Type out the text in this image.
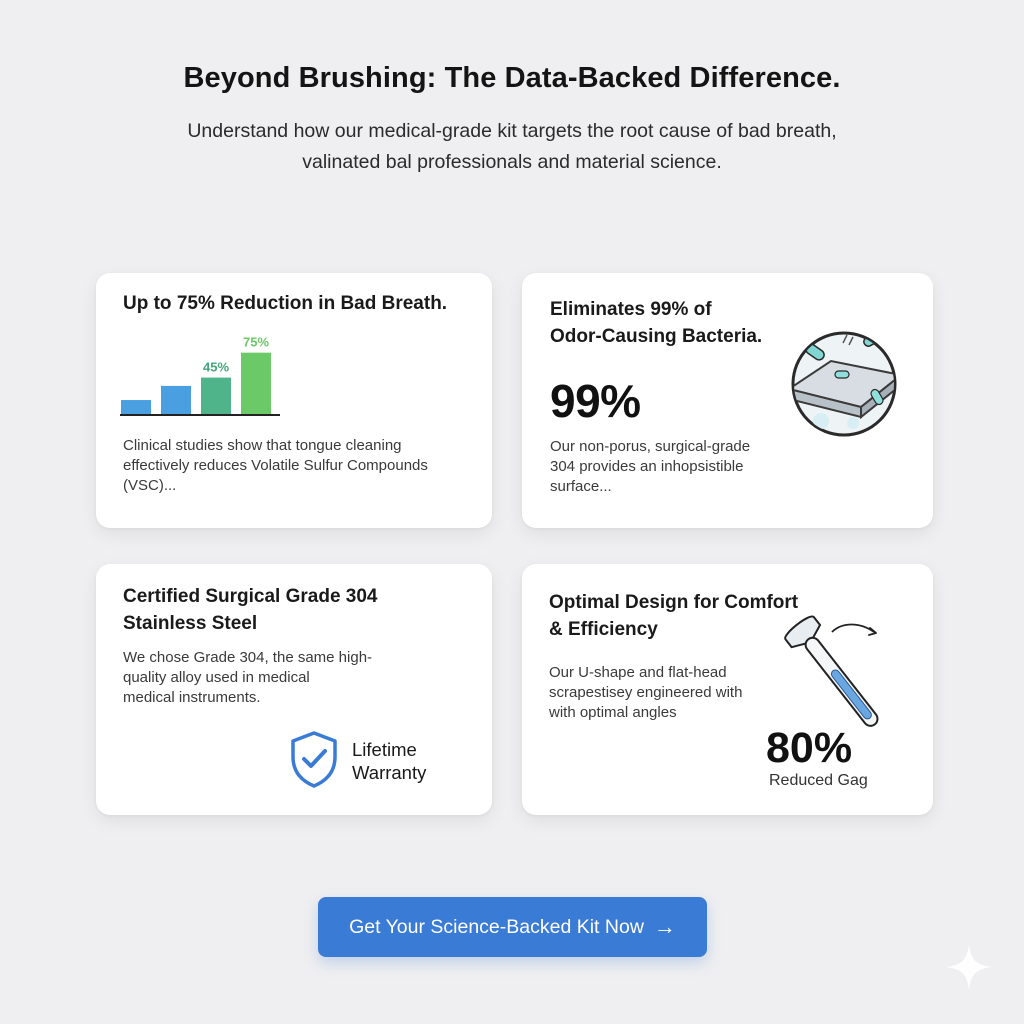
Beyond Brushing: The Data-Backed Difference.
Understand how our medical-grade kit targets the root cause of bad breath,
valinated bal professionals and material science.
Up to 75% Reduction in Bad Breath.
45%
75%
Clinical studies show that tongue cleaning
effectively reduces Volatile Sulfur Compounds
(VSC)...
Eliminates 99% of
Odor-Causing Bacteria.
99%
Our non-porus, surgical-grade
304 provides an inhopsistible
surface...
Certified Surgical Grade 304
Stainless Steel
We chose Grade 304, the same high-
quality alloy used in medical
medical instruments.
Lifetime
Warranty
Optimal Design for Comfort
& Efficiency
Our U-shape and flat-head
scrapestisey engineered with
with optimal angles
80%
Reduced Gag
Get Your Science-Backed Kit Now →
